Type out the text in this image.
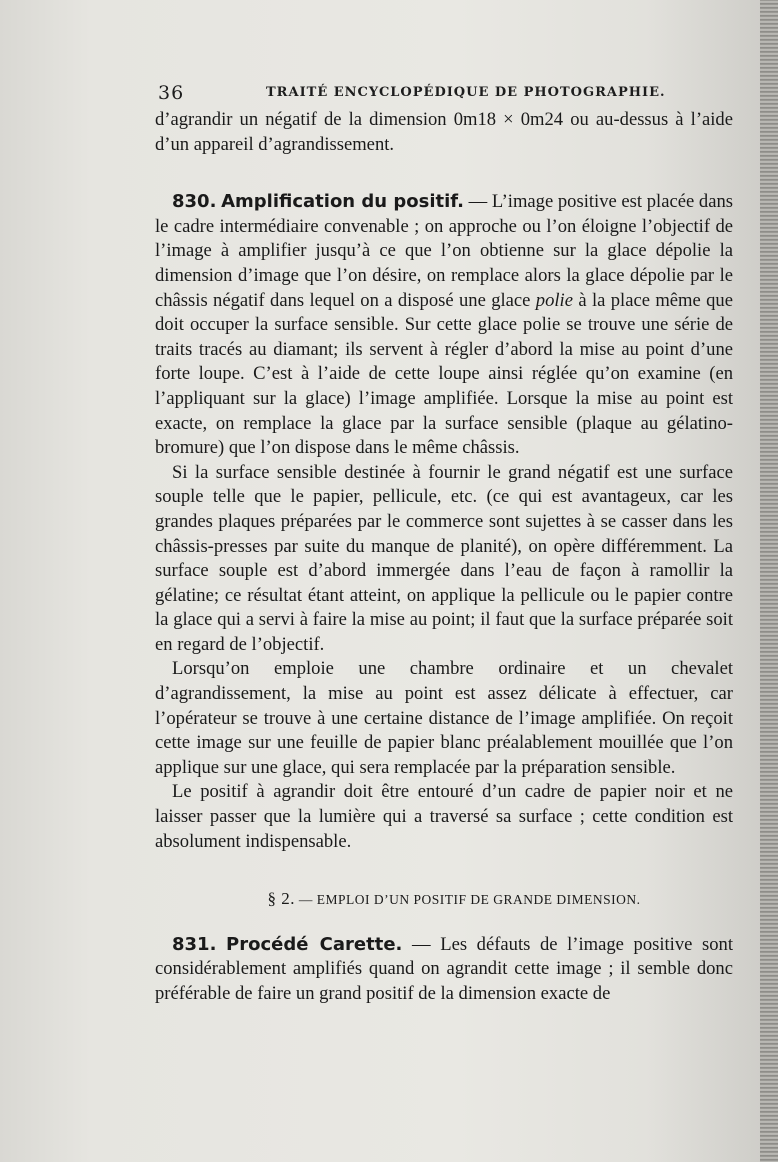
36	TRAITÉ ENCYCLOPÉDIQUE DE PHOTOGRAPHIE.

d’agrandir un négatif de la dimension 0m18 × 0m24 ou au-dessus à l’aide d’un appareil d’agrandissement.

830. Amplification du positif. — L’image positive est placée dans le cadre intermédiaire convenable ; on approche ou l’on éloigne l’objectif de l’image à amplifier jusqu’à ce que l’on obtienne sur la glace dépolie la dimension d’image que l’on désire, on remplace alors la glace dépolie par le châssis négatif dans lequel on a disposé une glace polie à la place même que doit occuper la surface sensible. Sur cette glace polie se trouve une série de traits tracés au diamant; ils servent à régler d’abord la mise au point d’une forte loupe. C’est à l’aide de cette loupe ainsi réglée qu’on examine (en l’appliquant sur la glace) l’image amplifiée. Lorsque la mise au point est exacte, on remplace la glace par la surface sensible (plaque au gélatino-bromure) que l’on dispose dans le même châssis.

Si la surface sensible destinée à fournir le grand négatif est une surface souple telle que le papier, pellicule, etc. (ce qui est avantageux, car les grandes plaques préparées par le commerce sont sujettes à se casser dans les châssis-presses par suite du manque de planité), on opère différemment. La surface souple est d’abord immergée dans l’eau de façon à ramollir la gélatine; ce résultat étant atteint, on applique la pellicule ou le papier contre la glace qui a servi à faire la mise au point; il faut que la surface préparée soit en regard de l’objectif.

Lorsqu’on emploie une chambre ordinaire et un chevalet d’agrandissement, la mise au point est assez délicate à effectuer, car l’opérateur se trouve à une certaine distance de l’image amplifiée. On reçoit cette image sur une feuille de papier blanc préalablement mouillée que l’on applique sur une glace, qui sera remplacée par la préparation sensible.

Le positif à agrandir doit être entouré d’un cadre de papier noir et ne laisser passer que la lumière qui a traversé sa surface ; cette condition est absolument indispensable.

§ 2. — EMPLOI D’UN POSITIF DE GRANDE DIMENSION.

831. Procédé Carette. — Les défauts de l’image positive sont considérablement amplifiés quand on agrandit cette image ; il semble donc préférable de faire un grand positif de la dimension exacte de
